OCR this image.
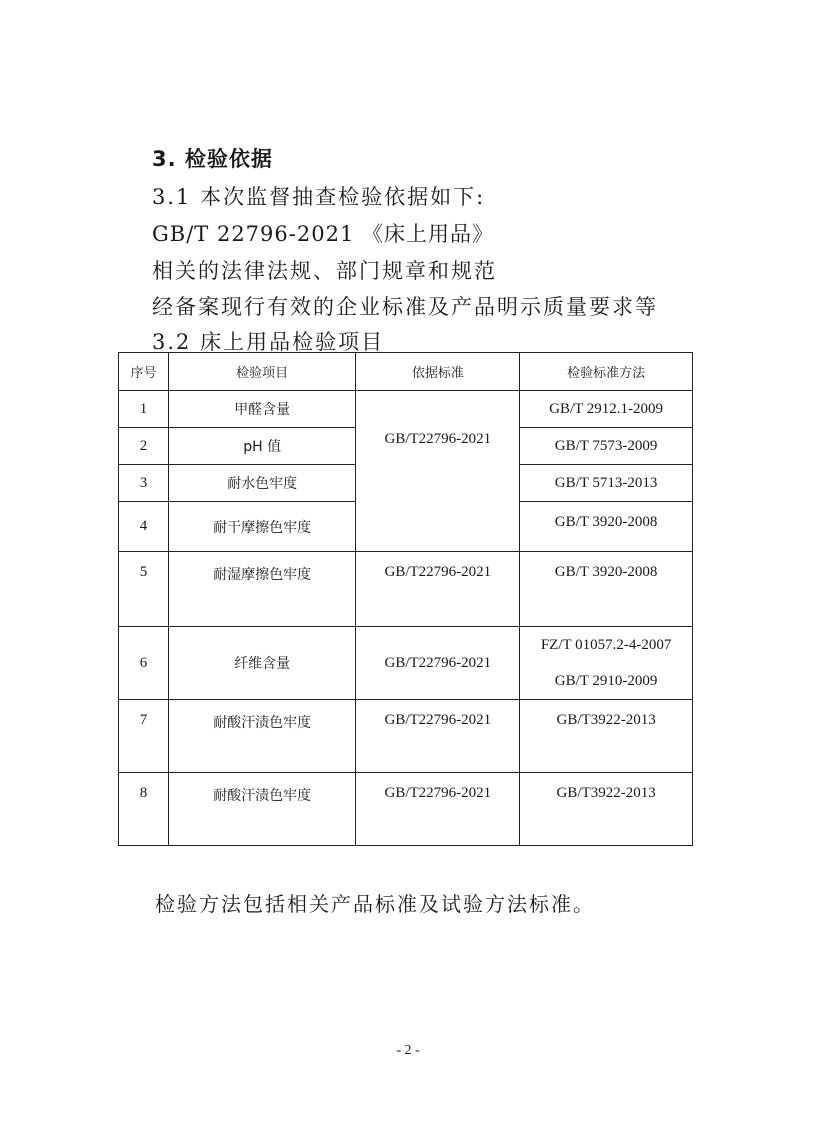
3. 检验依据
3.1 本次监督抽查检验依据如下:
GB/T 22796-2021 《床上用品》
相关的法律法规、部门规章和规范
经备案现行有效的企业标准及产品明示质量要求等
3.2 床上用品检验项目
序号	检验项目	依据标准	检验标准方法
1	甲醛含量	GB/T22796-2021	GB/T 2912.1-2009
2	pH 值		GB/T 7573-2009
3	耐水色牢度		GB/T 5713-2013
4	耐干摩擦色牢度		GB/T 3920-2008
5	耐湿摩擦色牢度	GB/T22796-2021	GB/T 3920-2008
6	纤维含量	GB/T22796-2021	FZ/T 01057.2-4-2007
GB/T 2910-2009

7	耐酸汗渍色牢度	GB/T22796-2021	GB/T3922-2013
8	耐酸汗渍色牢度	GB/T22796-2021	GB/T3922-2013
检验方法包括相关产品标准及试验方法标准。
- 2 -
